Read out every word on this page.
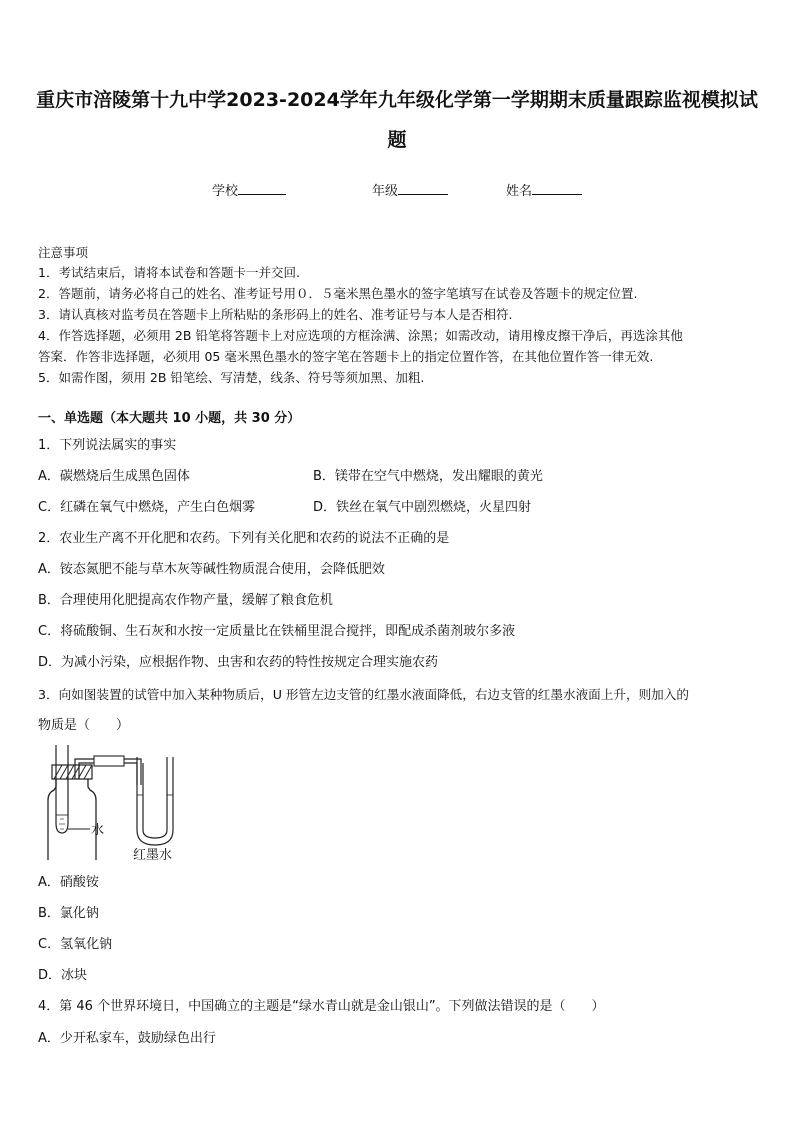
重庆市涪陵第十九中学2023-2024学年九年级化学第一学期期末质量跟踪监视模拟试
题
学校	年级	姓名
注意事项
1．考试结束后，请将本试卷和答题卡一并交回.
2．答题前，请务必将自己的姓名、准考证号用０．５毫米黑色墨水的签字笔填写在试卷及答题卡的规定位置.
3．请认真核对监考员在答题卡上所粘贴的条形码上的姓名、准考证号与本人是否相符.
4．作答选择题，必须用 2B 铅笔将答题卡上对应选项的方框涂满、涂黑；如需改动，请用橡皮擦干净后，再选涂其他
答案．作答非选择题，必须用 05 毫米黑色墨水的签字笔在答题卡上的指定位置作答，在其他位置作答一律无效.
5．如需作图，须用 2B 铅笔绘、写清楚，线条、符号等须加黑、加粗.
一、单选题（本大题共 10 小题，共 30 分）
1．下列说法属实的事实
A．碳燃烧后生成黑色固体	B．镁带在空气中燃烧，发出耀眼的黄光
C．红磷在氧气中燃烧，产生白色烟雾	D．铁丝在氧气中剧烈燃烧，火星四射
2．农业生产离不开化肥和农药。下列有关化肥和农药的说法不正确的是
A．铵态氮肥不能与草木灰等碱性物质混合使用，会降低肥效
B．合理使用化肥提高农作物产量，缓解了粮食危机
C．将硫酸铜、生石灰和水按一定质量比在铁桶里混合搅拌，即配成杀菌剂玻尔多液
D．为减小污染，应根据作物、虫害和农药的特性按规定合理实施农药
3．向如图装置的试管中加入某种物质后，U 形管左边支管的红墨水液面降低，右边支管的红墨水液面上升，则加入的
物质是（　　）
水
红墨水
A．硝酸铵
B．氯化钠
C．氢氧化钠
D．冰块
4．第 46 个世界环境日，中国确立的主题是“绿水青山就是金山银山”。下列做法错误的是（　　）
A．少开私家车，鼓励绿色出行
